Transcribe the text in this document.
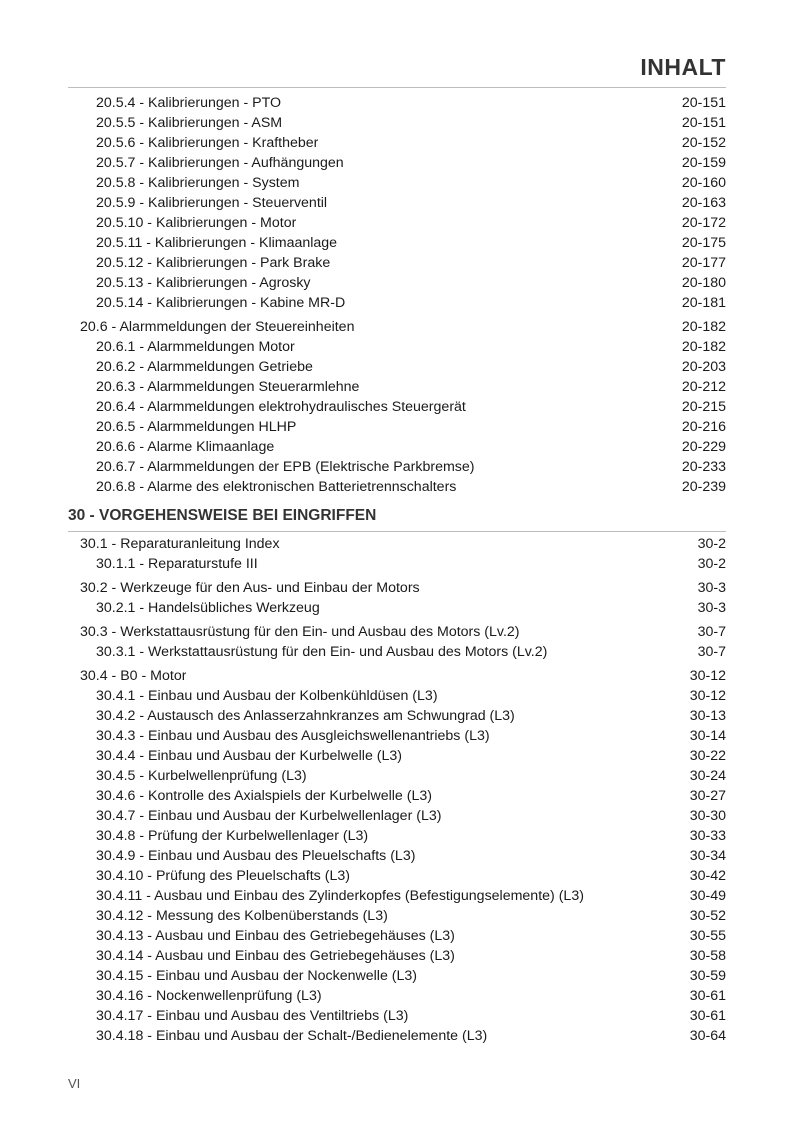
INHALT
20.5.4 - Kalibrierungen - PTO	20-151
20.5.5 - Kalibrierungen - ASM	20-151
20.5.6 - Kalibrierungen - Kraftheber	20-152
20.5.7 - Kalibrierungen - Aufhängungen	20-159
20.5.8 - Kalibrierungen - System	20-160
20.5.9 - Kalibrierungen - Steuerventil	20-163
20.5.10 - Kalibrierungen - Motor	20-172
20.5.11 - Kalibrierungen - Klimaanlage	20-175
20.5.12 - Kalibrierungen - Park Brake	20-177
20.5.13 - Kalibrierungen - Agrosky	20-180
20.5.14 - Kalibrierungen - Kabine MR-D	20-181
20.6 - Alarmmeldungen der Steuereinheiten	20-182
20.6.1 - Alarmmeldungen Motor	20-182
20.6.2 - Alarmmeldungen Getriebe	20-203
20.6.3 - Alarmmeldungen Steuerarmlehne	20-212
20.6.4 - Alarmmeldungen elektrohydraulisches Steuergerät	20-215
20.6.5 - Alarmmeldungen HLHP	20-216
20.6.6 - Alarme Klimaanlage	20-229
20.6.7 - Alarmmeldungen der EPB (Elektrische Parkbremse)	20-233
20.6.8 - Alarme des elektronischen Batterietrennschalters	20-239
30 - VORGEHENSWEISE BEI EINGRIFFEN
30.1 - Reparaturanleitung Index	30-2
30.1.1 - Reparaturstufe III	30-2
30.2 - Werkzeuge für den Aus- und Einbau der Motors	30-3
30.2.1 - Handelsübliches Werkzeug	30-3
30.3 - Werkstattausrüstung für den Ein- und Ausbau des Motors (Lv.2)	30-7
30.3.1 - Werkstattausrüstung für den Ein- und Ausbau des Motors (Lv.2)	30-7
30.4 - B0 - Motor	30-12
30.4.1 - Einbau und Ausbau der Kolbenkühldüsen (L3)	30-12
30.4.2 - Austausch des Anlasserzahnkranzes am Schwungrad (L3)	30-13
30.4.3 - Einbau und Ausbau des Ausgleichswellenantriebs (L3)	30-14
30.4.4 - Einbau und Ausbau der Kurbelwelle (L3)	30-22
30.4.5 - Kurbelwellenprüfung (L3)	30-24
30.4.6 - Kontrolle des Axialspiels der Kurbelwelle (L3)	30-27
30.4.7 - Einbau und Ausbau der Kurbelwellenlager (L3)	30-30
30.4.8 - Prüfung der Kurbelwellenlager (L3)	30-33
30.4.9 - Einbau und Ausbau des Pleuelschafts (L3)	30-34
30.4.10 - Prüfung des Pleuelschafts (L3)	30-42
30.4.11 - Ausbau und Einbau des Zylinderkopfes (Befestigungselemente) (L3)	30-49
30.4.12 - Messung des Kolbenüberstands (L3)	30-52
30.4.13 - Ausbau und Einbau des Getriebegehäuses (L3)	30-55
30.4.14 - Ausbau und Einbau des Getriebegehäuses (L3)	30-58
30.4.15 - Einbau und Ausbau der Nockenwelle (L3)	30-59
30.4.16 - Nockenwellenprüfung (L3)	30-61
30.4.17 - Einbau und Ausbau des Ventiltriebs (L3)	30-61
30.4.18 - Einbau und Ausbau der Schalt-/Bedienelemente (L3)	30-64
VI
